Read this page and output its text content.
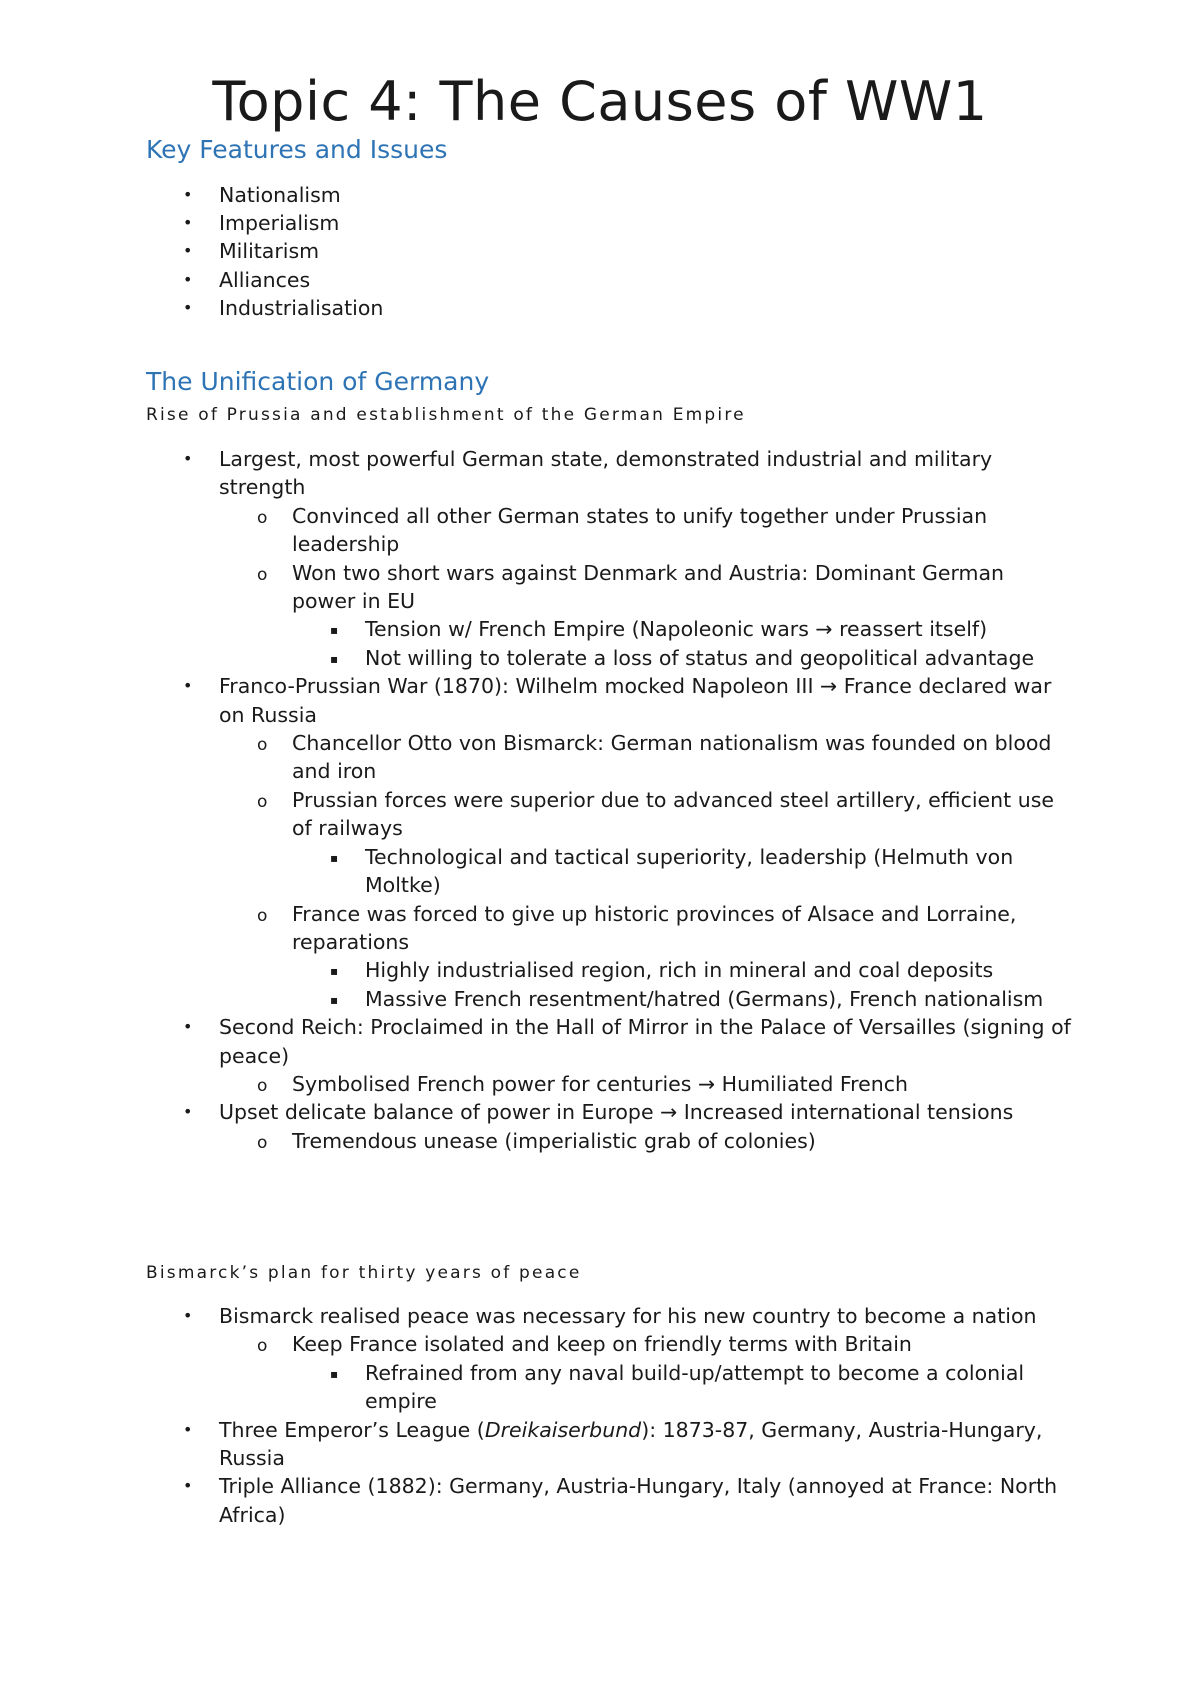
Topic 4: The Causes of WW1
Key Features and Issues
• Nationalism
• Imperialism
• Militarism
• Alliances
• Industrialisation
The Unification of Germany
Rise of Prussia and establishment of the German Empire
• Largest, most powerful German state, demonstrated industrial and military strength
o Convinced all other German states to unify together under Prussian leadership
o Won two short wars against Denmark and Austria: Dominant German power in EU
▪ Tension w/ French Empire (Napoleonic wars → reassert itself)
▪ Not willing to tolerate a loss of status and geopolitical advantage
• Franco-Prussian War (1870): Wilhelm mocked Napoleon III → France declared war on Russia
o Chancellor Otto von Bismarck: German nationalism was founded on blood and iron
o Prussian forces were superior due to advanced steel artillery, efficient use of railways
▪ Technological and tactical superiority, leadership (Helmuth von Moltke)
o France was forced to give up historic provinces of Alsace and Lorraine, reparations
▪ Highly industrialised region, rich in mineral and coal deposits
▪ Massive French resentment/hatred (Germans), French nationalism
• Second Reich: Proclaimed in the Hall of Mirror in the Palace of Versailles (signing of peace)
o Symbolised French power for centuries → Humiliated French
• Upset delicate balance of power in Europe → Increased international tensions
o Tremendous unease (imperialistic grab of colonies)
Bismarck’s plan for thirty years of peace
• Bismarck realised peace was necessary for his new country to become a nation
o Keep France isolated and keep on friendly terms with Britain
▪ Refrained from any naval build-up/attempt to become a colonial empire
• Three Emperor’s League (Dreikaiserbund): 1873-87, Germany, Austria-Hungary, Russia
• Triple Alliance (1882): Germany, Austria-Hungary, Italy (annoyed at France: North Africa)
